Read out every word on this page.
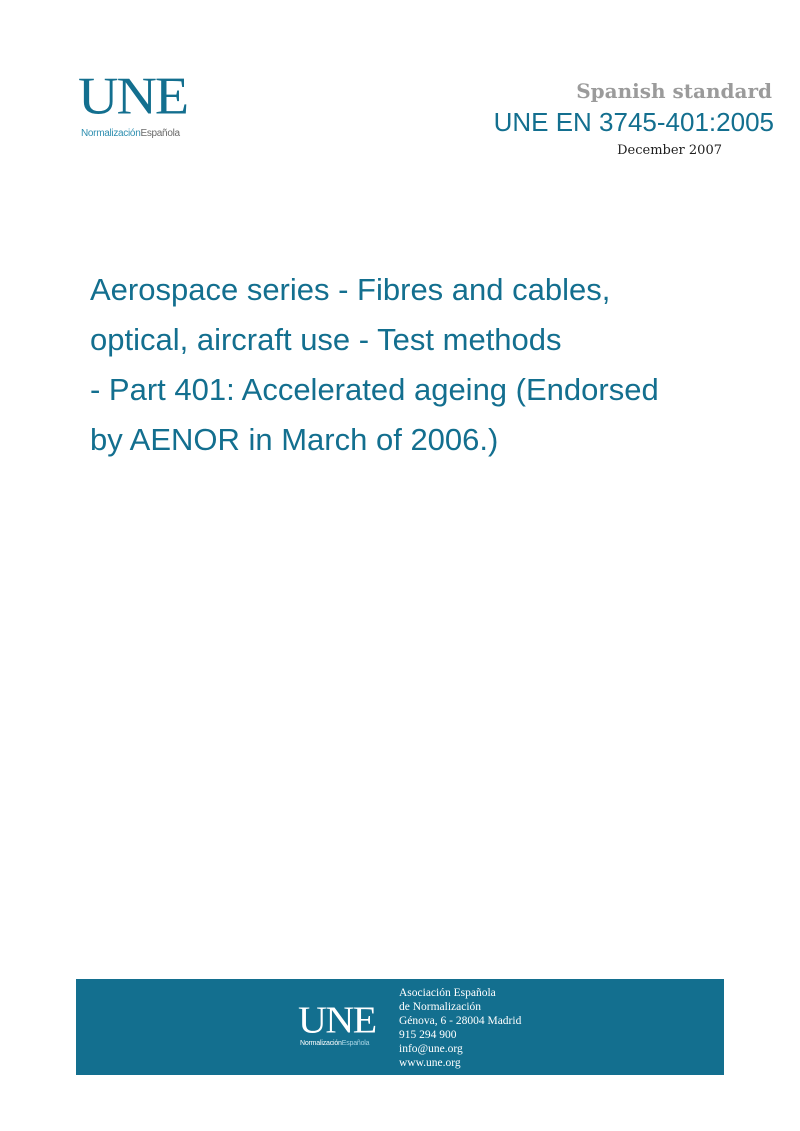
UNE
NormalizaciónEspañola
Spanish standard
UNE EN 3745-401:2005
December 2007
Aerospace series - Fibres and cables,
optical, aircraft use - Test methods
- Part 401: Accelerated ageing (Endorsed
by AENOR in March of 2006.)
UNE
NormalizaciónEspañola
Asociación Española
de Normalización
Génova, 6 - 28004 Madrid
915 294 900
info@une.org
www.une.org
